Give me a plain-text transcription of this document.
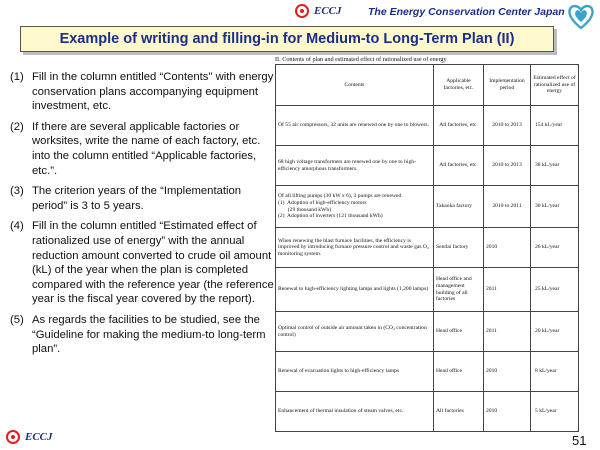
ECCJ	The Energy Conservation Center Japan
Example of writing and filling-in for Medium-to Long-Term Plan (II)
(1) Fill in the column entitled “Contents" with energy conservation plans accompanying equipment investment, etc.
(2) If there are several applicable factories or worksites, write the name of each factory, etc. into the column entitled “Applicable factories, etc.”.
(3) The criterion years of the “Implementation period” is 3 to 5 years.
(4) Fill in the column entitled “Estimated effect of rationalized use of energy” with the annual reduction amount converted to crude oil amount (kL) of the year when the plan is completed compared with the reference year (the reference year is the fiscal year covered by the report).
(5) As regards the facilities to be studied, see the “Guideline for making the medium-to long-term plan”.
II. Contents of plan and estimated effect of rationalized use of energy
Contents	Applicable factories, etc.	Implementation period	Estimated effect of rationalized use of energy
Of 55 air compressors, 32 units are renewed one by one to blowers.	All factories, etc.	2010 to 2013	154 kL/year
68 high voltage transformers are renewed one by one to high-efficiency amorphous transformers.	All factories, etc.	2010 to 2013	38 kL/year
Of all lifting pumps (30 kW x 6), 3 pumps are renewed
(1)  Adoption of high-efficiency motors
(29 thousand kWh)
(2)  Adoption of inverters (121 thousand kWh)	Takaoka factory	2010 to 2011	30 kL/year
When renewing the blast furnace facilities, the efficiency is improved by introducing furnace pressure control and waste gas O₂ monitoring system.	Sendai factory	2010	26 kL/year
Renewal to high-efficiency lighting lamps and lights (1,200 lamps)	Head office and management building of all factories	2011	25 kL/year
Optimal control of outside air amount taken in (CO₂ concentration control)	Head office	2011	20 kL/year
Renewal of evacuation lights to high-efficiency lamps	Head office	2010	8 kL/year
Enhancement of thermal insulation of steam valves, etc.	All factories	2010	5 kL/year
ECCJ	51
